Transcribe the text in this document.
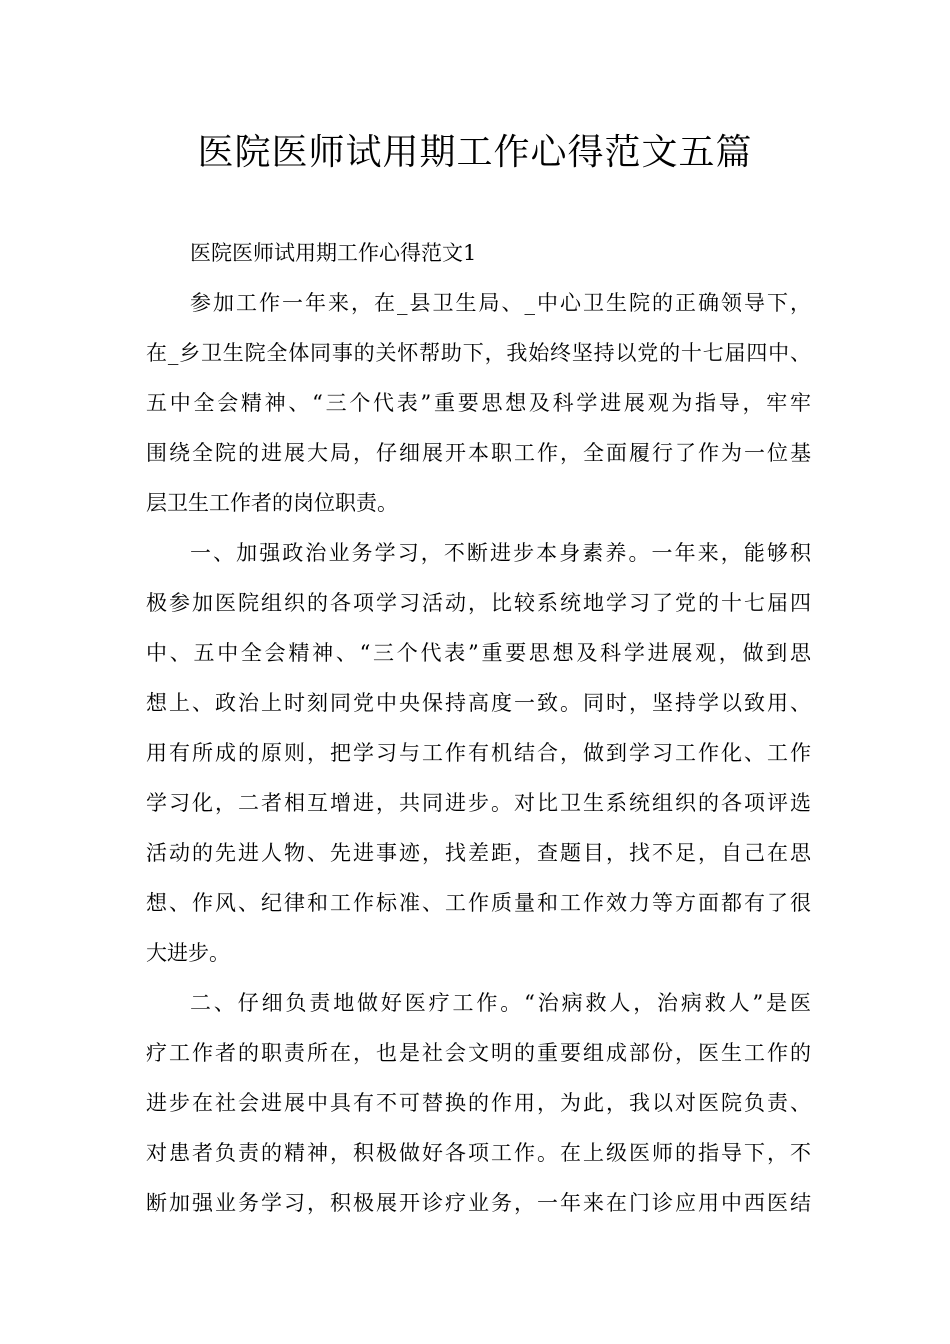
医院医师试用期工作心得范文五篇
医院医师试用期工作心得范文1
参加工作一年来，在_县卫生局、_中心卫生院的正确领导下，
在_乡卫生院全体同事的关怀帮助下，我始终坚持以党的十七届四中、
五中全会精神、“三个代表”重要思想及科学进展观为指导，牢牢
围绕全院的进展大局，仔细展开本职工作，全面履行了作为一位基
层卫生工作者的岗位职责。
一、加强政治业务学习，不断进步本身素养。一年来，能够积
极参加医院组织的各项学习活动，比较系统地学习了党的十七届四
中、五中全会精神、“三个代表”重要思想及科学进展观，做到思
想上、政治上时刻同党中央保持高度一致。同时，坚持学以致用、
用有所成的原则，把学习与工作有机结合，做到学习工作化、工作
学习化，二者相互增进，共同进步。对比卫生系统组织的各项评选
活动的先进人物、先进事迹，找差距，查题目，找不足，自己在思
想、作风、纪律和工作标准、工作质量和工作效力等方面都有了很
大进步。
二、仔细负责地做好医疗工作。“治病救人，治病救人”是医
疗工作者的职责所在，也是社会文明的重要组成部份，医生工作的
进步在社会进展中具有不可替换的作用，为此，我以对医院负责、
对患者负责的精神，积极做好各项工作。在上级医师的指导下，不
断加强业务学习，积极展开诊疗业务，一年来在门诊应用中西医结
